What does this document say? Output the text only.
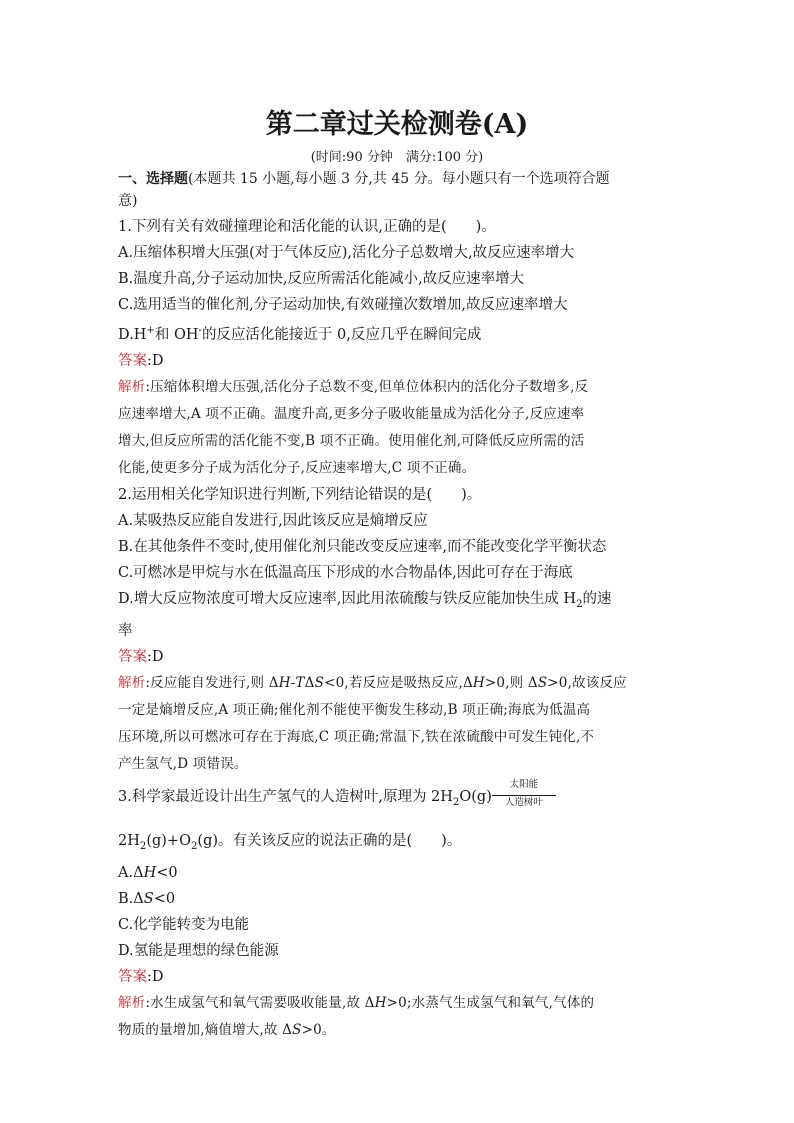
第二章过关检测卷(A)
(时间:90 分钟　满分:100 分)
一、选择题(本题共 15 小题,每小题 3 分,共 45 分。每小题只有一个选项符合题
意)
1.下列有关有效碰撞理论和活化能的认识,正确的是(　　)。
A.压缩体积增大压强(对于气体反应),活化分子总数增大,故反应速率增大
B.温度升高,分子运动加快,反应所需活化能减小,故反应速率增大
C.选用适当的催化剂,分子运动加快,有效碰撞次数增加,故反应速率增大
D.H+和 OH-的反应活化能接近于 0,反应几乎在瞬间完成
答案:D
解析:压缩体积增大压强,活化分子总数不变,但单位体积内的活化分子数增多,反
应速率增大,A 项不正确。温度升高,更多分子吸收能量成为活化分子,反应速率
增大,但反应所需的活化能不变,B 项不正确。使用催化剂,可降低反应所需的活
化能,使更多分子成为活化分子,反应速率增大,C 项不正确。
2.运用相关化学知识进行判断,下列结论错误的是(　　)。
A.某吸热反应能自发进行,因此该反应是熵增反应
B.在其他条件不变时,使用催化剂只能改变反应速率,而不能改变化学平衡状态
C.可燃冰是甲烷与水在低温高压下形成的水合物晶体,因此可存在于海底
D.增大反应物浓度可增大反应速率,因此用浓硫酸与铁反应能加快生成 $H_2$的速
率
答案:D
解析:反应能自发进行,则 ΔH-TΔS<0,若反应是吸热反应,ΔH>0,则 ΔS>0,故该反应
一定是熵增反应,A 项正确;催化剂不能使平衡发生移动,B 项正确;海底为低温高
压环境,所以可燃冰可存在于海底,C 项正确;常温下,铁在浓硫酸中可发生钝化,不
产生氢气,D 项错误。
3.科学家最近设计出生产氢气的人造树叶,原理为 $2H_2O(g)$
太阳能
人造树叶
$2H_2(g)+O_2(g)$。有关该反应的说法正确的是(　　)。
A.ΔH<0
B.ΔS<0
C.化学能转变为电能
D.氢能是理想的绿色能源
答案:D
解析:水生成氢气和氧气需要吸收能量,故 ΔH>0;水蒸气生成氢气和氧气,气体的
物质的量增加,熵值增大,故 ΔS>0。
